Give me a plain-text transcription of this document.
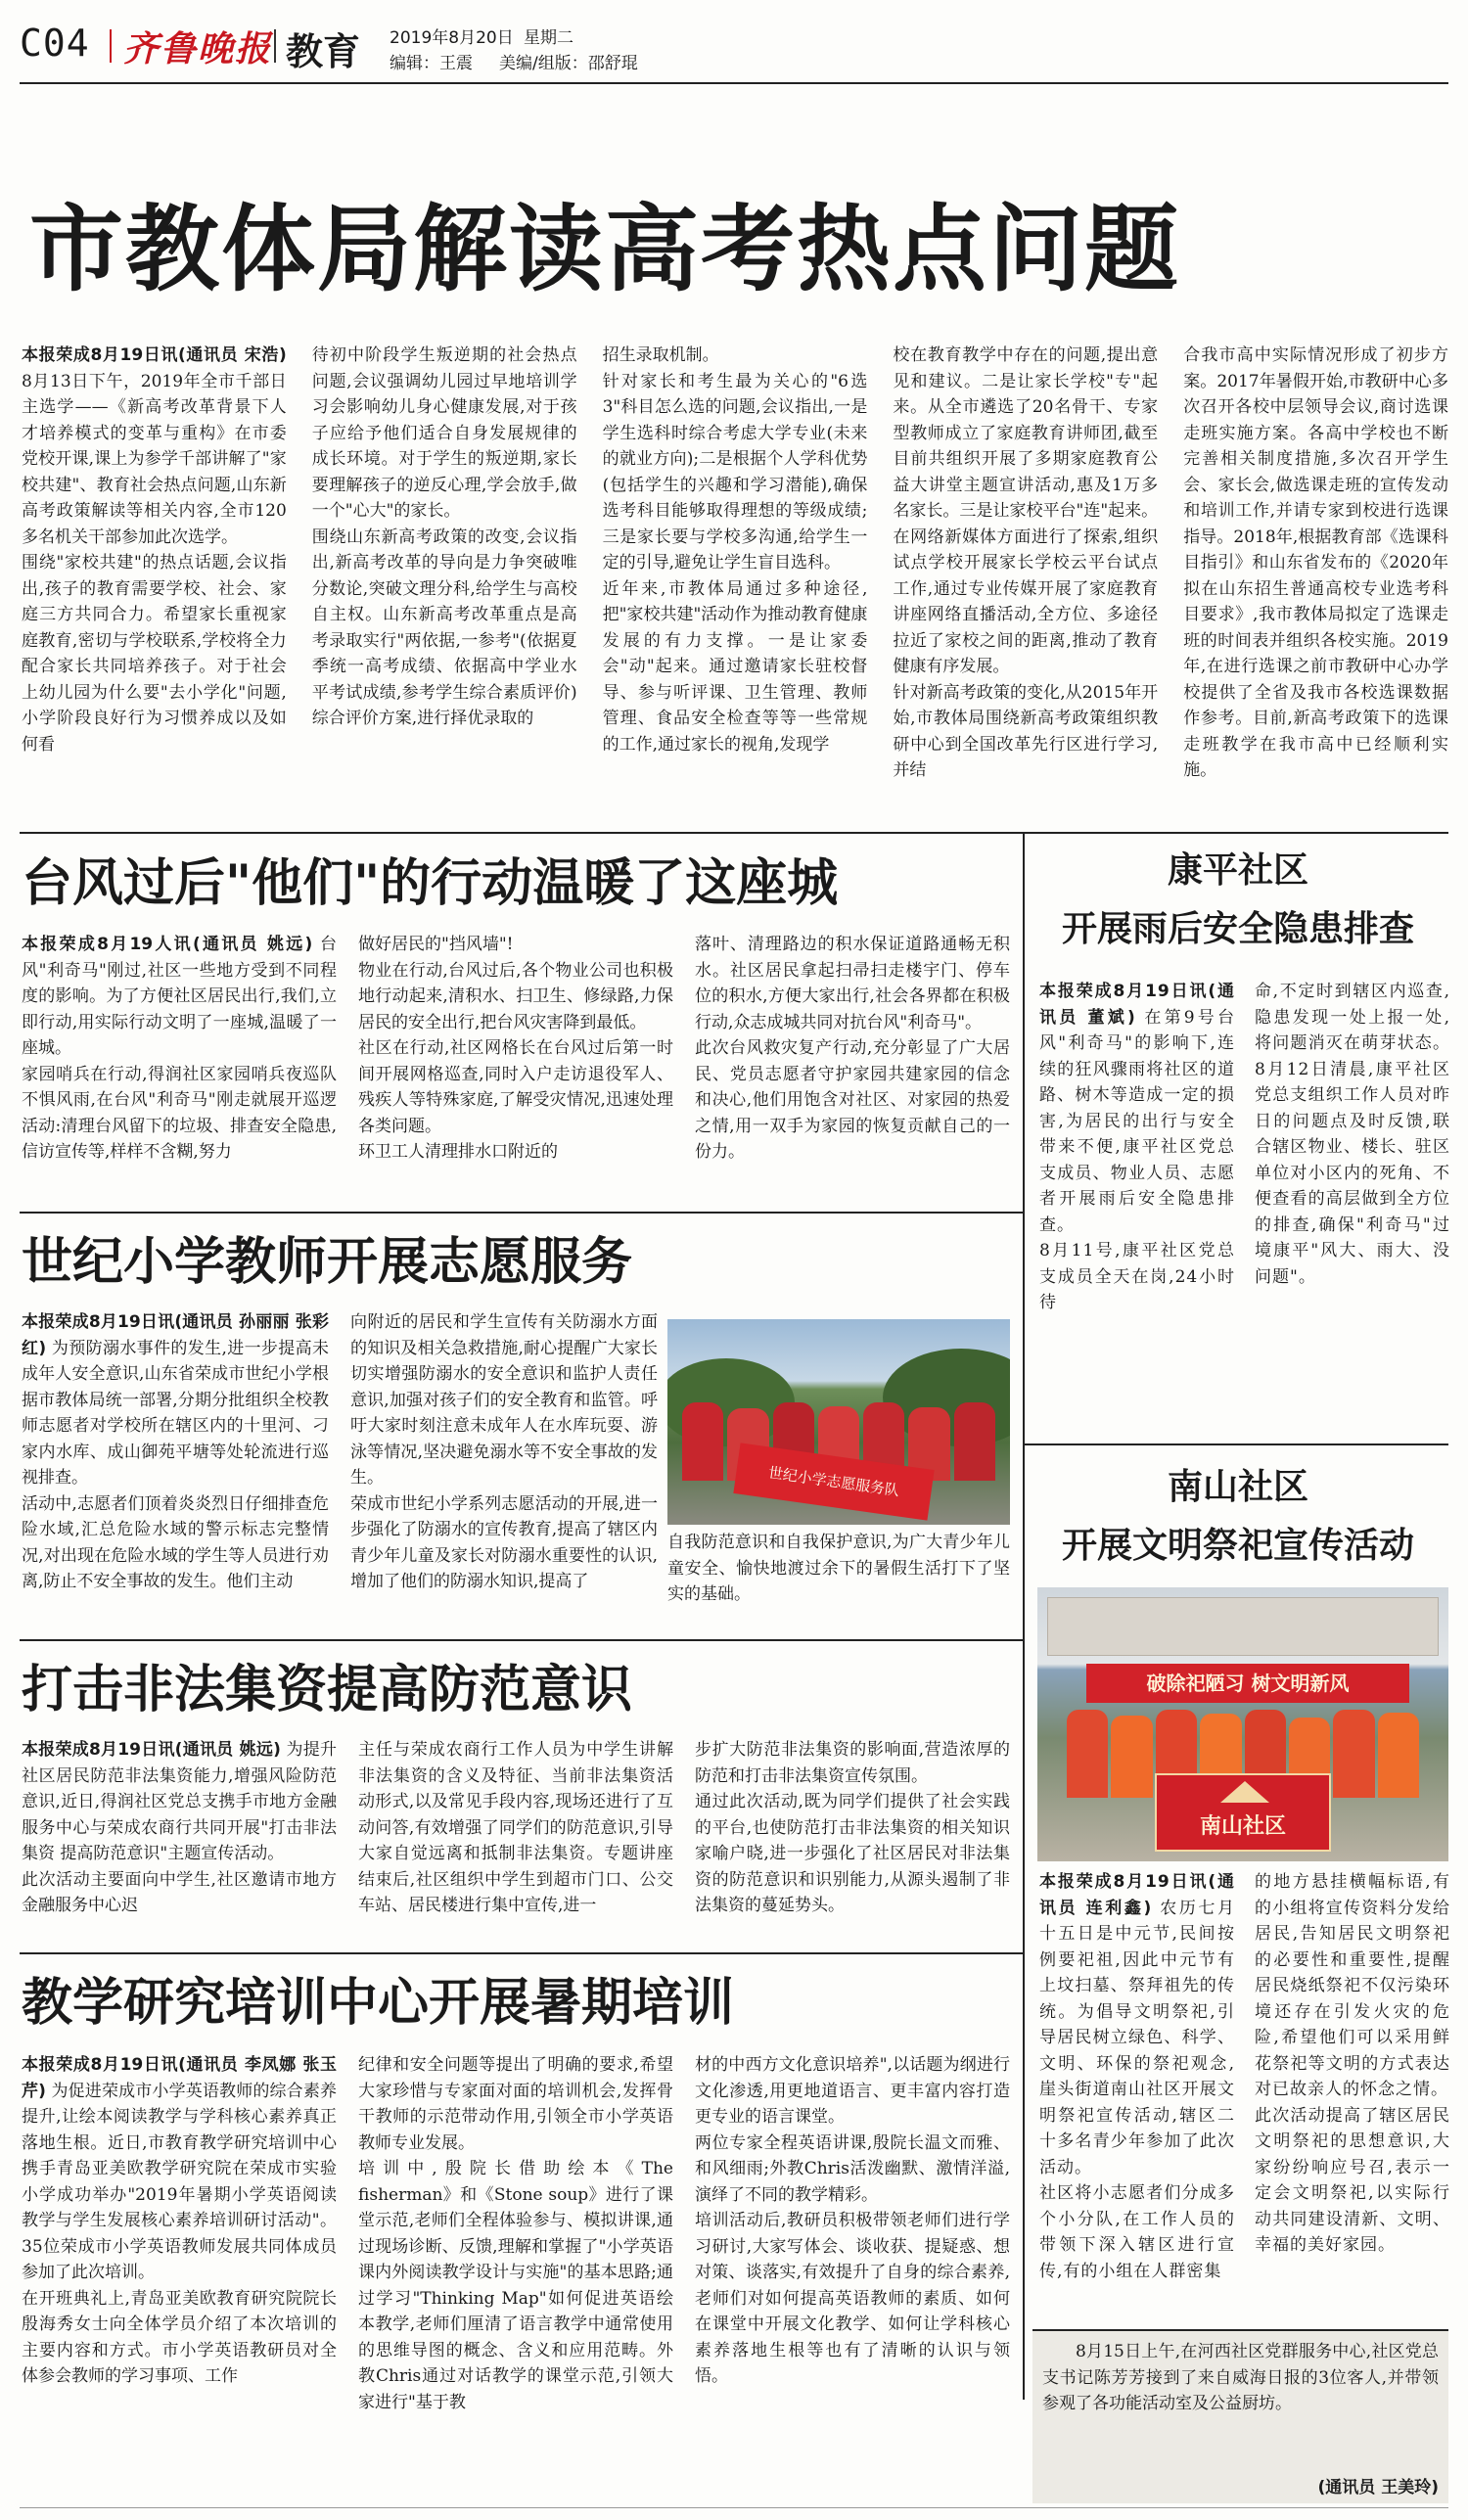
C04 齐鲁晚报 教育 2019年8月20日 星期二
编辑：王震 美编/组版：邵舒琨
市教体局解读高考热点问题
本报荣成8月19日讯(通讯员 宋浩) 8月13日下午，2019年全市千部日主选学——《新高考改革背景下人才培养模式的变革与重构》在市委党校开课,课上为参学千部讲解了"家校共建"、教育社会热点问题,山东新高考政策解读等相关内容,全市120多名机关干部参加此次选学。
围绕"家校共建"的热点话题,会议指出,孩子的教育需要学校、社会、家庭三方共同合力。希望家长重视家庭教育,密切与学校联系,学校将全力配合家长共同培养孩子。对于社会上幼儿园为什么要"去小学化"问题,小学阶段良好行为习惯养成以及如何看
待初中阶段学生叛逆期的社会热点问题,会议强调幼儿园过早地培训学习会影响幼儿身心健康发展,对于孩子应给予他们适合自身发展规律的成长环境。对于学生的叛逆期,家长要理解孩子的逆反心理,学会放手,做一个"心大"的家长。
围绕山东新高考政策的改变,会议指出,新高考改革的导向是力争突破唯分数论,突破文理分科,给学生与高校自主权。山东新高考改革重点是高考录取实行"两依据,一参考"(依据夏季统一高考成绩、依据高中学业水平考试成绩,参考学生综合素质评价)综合评价方案,进行择优录取的
招生录取机制。
针对家长和考生最为关心的"6选3"科目怎么选的问题,会议指出,一是学生选科时综合考虑大学专业(未来的就业方向);二是根据个人学科优势(包括学生的兴趣和学习潜能),确保选考科目能够取得理想的等级成绩;三是家长要与学校多沟通,给学生一定的引导,避免让学生盲目选科。
近年来,市教体局通过多种途径,把"家校共建"活动作为推动教育健康发展的有力支撑。一是让家委会"动"起来。通过邀请家长驻校督导、参与听评课、卫生管理、教师管理、食品安全检查等等一些常规的工作,通过家长的视角,发现学
校在教育教学中存在的问题,提出意见和建议。二是让家长学校"专"起来。从全市遴选了20名骨干、专家型教师成立了家庭教育讲师团,截至目前共组织开展了多期家庭教育公益大讲堂主题宣讲活动,惠及1万多名家长。三是让家校平台"连"起来。在网络新媒体方面进行了探索,组织试点学校开展家长学校云平台试点工作,通过专业传媒开展了家庭教育讲座网络直播活动,全方位、多途径拉近了家校之间的距离,推动了教育健康有序发展。
针对新高考政策的变化,从2015年开始,市教体局围绕新高考政策组织教研中心到全国改革先行区进行学习,并结
合我市高中实际情况形成了初步方案。2017年暑假开始,市教研中心多次召开各校中层领导会议,商讨选课走班实施方案。各高中学校也不断完善相关制度措施,多次召开学生会、家长会,做选课走班的宣传发动和培训工作,并请专家到校进行选课指导。2018年,根据教育部《选课科目指引》和山东省发布的《2020年拟在山东招生普通高校专业选考科目要求》,我市教体局拟定了选课走班的时间表并组织各校实施。2019年,在进行选课之前市教研中心办学校提供了全省及我市各校选课数据作参考。目前,新高考政策下的选课走班教学在我市高中已经顺利实施。
台风过后"他们"的行动温暖了这座城
本报荣成8月19人讯(通讯员 姚远) 台风"利奇马"刚过,社区一些地方受到不同程度的影响。为了方便社区居民出行,我们,立即行动,用实际行动文明了一座城,温暖了一座城。
家园哨兵在行动,得润社区家园哨兵夜巡队不惧风雨,在台风"利奇马"刚走就展开巡逻活动:清理台风留下的垃圾、排查安全隐患,信访宣传等,样样不含糊,努力
做好居民的"挡风墙"!
物业在行动,台风过后,各个物业公司也积极地行动起来,清积水、扫卫生、修绿路,力保居民的安全出行,把台风灾害降到最低。
社区在行动,社区网格长在台风过后第一时间开展网格巡查,同时入户走访退役军人、残疾人等特殊家庭,了解受灾情况,迅速处理各类问题。
环卫工人清理排水口附近的
落叶、清理路边的积水保证道路通畅无积水。社区居民拿起扫帚扫走楼宇门、停车位的积水,方便大家出行,社会各界都在积极行动,众志成城共同对抗台风"利奇马"。
此次台风救灾复产行动,充分彰显了广大居民、党员志愿者守护家园共建家园的信念和决心,他们用饱含对社区、对家园的热爱之情,用一双手为家园的恢复贡献自己的一份力。
世纪小学教师开展志愿服务
本报荣成8月19日讯(通讯员 孙丽丽 张彩红) 为预防溺水事件的发生,进一步提高未成年人安全意识,山东省荣成市世纪小学根据市教体局统一部署,分期分批组织全校教师志愿者对学校所在辖区内的十里河、刁家内水库、成山御苑平塘等处轮流进行巡视排查。
活动中,志愿者们顶着炎炎烈日仔细排查危险水域,汇总危险水域的警示标志完整情况,对出现在危险水域的学生等人员进行劝离,防止不安全事故的发生。他们主动
向附近的居民和学生宣传有关防溺水方面的知识及相关急救措施,耐心提醒广大家长切实增强防溺水的安全意识和监护人责任意识,加强对孩子们的安全教育和监管。呼吁大家时刻注意未成年人在水库玩耍、游泳等情况,坚决避免溺水等不安全事故的发生。
荣成市世纪小学系列志愿活动的开展,进一步强化了防溺水的宣传教育,提高了辖区内青少年儿童及家长对防溺水重要性的认识,增加了他们的防溺水知识,提高了
世纪小学志愿服务队
自我防范意识和自我保护意识,为广大青少年儿童安全、愉快地渡过余下的暑假生活打下了坚实的基础。
打击非法集资提高防范意识
本报荣成8月19日讯(通讯员 姚远) 为提升社区居民防范非法集资能力,增强风险防范意识,近日,得润社区党总支携手市地方金融服务中心与荣成农商行共同开展"打击非法集资 提高防范意识"主题宣传活动。
此次活动主要面向中学生,社区邀请市地方金融服务中心迟
主任与荣成农商行工作人员为中学生讲解非法集资的含义及特征、当前非法集资活动形式,以及常见手段内容,现场还进行了互动问答,有效增强了同学们的防范意识,引导大家自觉远离和抵制非法集资。专题讲座结束后,社区组织中学生到超市门口、公交车站、居民楼进行集中宣传,进一
步扩大防范非法集资的影响面,营造浓厚的防范和打击非法集资宣传氛围。
通过此次活动,既为同学们提供了社会实践的平台,也使防范打击非法集资的相关知识家喻户晓,进一步强化了社区居民对非法集资的防范意识和识别能力,从源头遏制了非法集资的蔓延势头。
教学研究培训中心开展暑期培训
本报荣成8月19日讯(通讯员 李凤娜 张玉芹) 为促进荣成市小学英语教师的综合素养提升,让绘本阅读教学与学科核心素养真正落地生根。近日,市教育教学研究培训中心携手青岛亚美欧教学研究院在荣成市实验小学成功举办"2019年暑期小学英语阅读教学与学生发展核心素养培训研讨活动"。35位荣成市小学英语教师发展共同体成员参加了此次培训。
在开班典礼上,青岛亚美欧教育研究院院长殷海秀女士向全体学员介绍了本次培训的主要内容和方式。市小学英语教研员对全体参会教师的学习事项、工作
纪律和安全问题等提出了明确的要求,希望大家珍惜与专家面对面的培训机会,发挥骨干教师的示范带动作用,引领全市小学英语教师专业发展。
培训中,殷院长借助绘本《The fisherman》和《Stone soup》进行了课堂示范,老师们全程体验参与、模拟讲课,通过现场诊断、反馈,理解和掌握了"小学英语课内外阅读教学设计与实施"的基本思路;通过学习"Thinking Map"如何促进英语绘本教学,老师们厘清了语言教学中通常使用的思维导图的概念、含义和应用范畴。外教Chris通过对话教学的课堂示范,引领大家进行"基于教
材的中西方文化意识培养",以话题为纲进行文化渗透,用更地道语言、更丰富内容打造更专业的语言课堂。
两位专家全程英语讲课,殷院长温文而雅、和风细雨;外教Chris活泼幽默、激情洋溢,演绎了不同的教学精彩。
培训活动后,教研员积极带领老师们进行学习研讨,大家写体会、谈收获、提疑惑、想对策、谈落实,有效提升了自身的综合素养,老师们对如何提高英语教师的素质、如何在课堂中开展文化教学、如何让学科核心素养落地生根等也有了清晰的认识与领悟。
康平社区
开展雨后安全隐患排查
本报荣成8月19日讯(通讯员 董斌) 在第9号台风"利奇马"的影响下,连续的狂风骤雨将社区的道路、树木等造成一定的损害,为居民的出行与安全带来不便,康平社区党总支成员、物业人员、志愿者开展雨后安全隐患排查。
8月11号,康平社区党总支成员全天在岗,24小时待
命,不定时到辖区内巡查,隐患发现一处上报一处,将问题消灭在萌芽状态。8月12日清晨,康平社区党总支组织工作人员对昨日的问题点及时反馈,联合辖区物业、楼长、驻区单位对小区内的死角、不便查看的高层做到全方位的排查,确保"利奇马"过境康平"风大、雨大、没问题"。
南山社区
开展文明祭祀宣传活动
破除祀陋习 树文明新风
南山社区
本报荣成8月19日讯(通讯员 连利鑫) 农历七月十五日是中元节,民间按例要祀祖,因此中元节有上坟扫墓、祭拜祖先的传统。为倡导文明祭祀,引导居民树立绿色、科学、文明、环保的祭祀观念,崖头街道南山社区开展文明祭祀宣传活动,辖区二十多名青少年参加了此次活动。
社区将小志愿者们分成多个小分队,在工作人员的带领下深入辖区进行宣传,有的小组在人群密集
的地方悬挂横幅标语,有的小组将宣传资料分发给居民,告知居民文明祭祀的必要性和重要性,提醒居民烧纸祭祀不仅污染环境还存在引发火灾的危险,希望他们可以采用鲜花祭祀等文明的方式表达对已故亲人的怀念之情。
此次活动提高了辖区居民文明祭祀的思想意识,大家纷纷响应号召,表示一定会文明祭祀,以实际行动共同建设清新、文明、幸福的美好家园。
8月15日上午,在河西社区党群服务中心,社区党总支书记陈芳芳接到了来自威海日报的3位客人,并带领参观了各功能活动室及公益厨坊。
(通讯员 王美玲)
